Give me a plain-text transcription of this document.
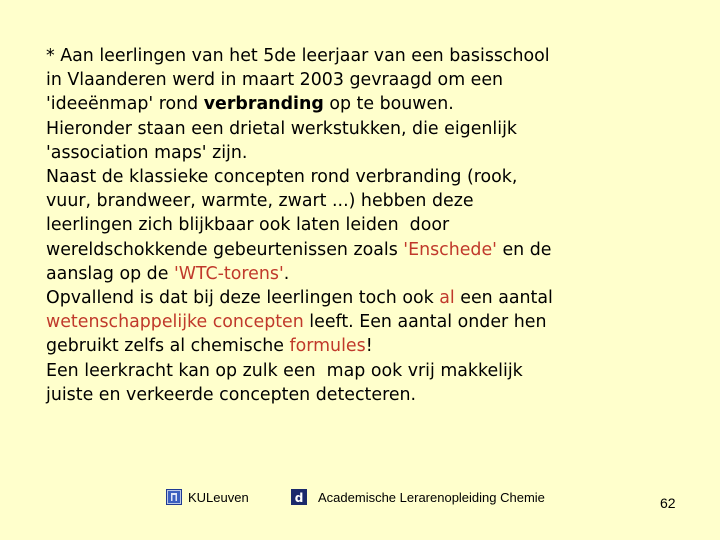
* Aan leerlingen van het 5de leerjaar van een basisschool
in Vlaanderen werd in maart 2003 gevraagd om een
'ideeënmap' rond verbranding op te bouwen.
Hieronder staan een drietal werkstukken, die eigenlijk
'association maps' zijn.
Naast de klassieke concepten rond verbranding (rook,
vuur, brandweer, warmte, zwart ...) hebben deze
leerlingen zich blijkbaar ook laten leiden  door
wereldschokkende gebeurtenissen zoals 'Enschede' en de
aanslag op de 'WTC-torens'.
Opvallend is dat bij deze leerlingen toch ook al een aantal
wetenschappelijke concepten leeft. Een aantal onder hen
gebruikt zelfs al chemische formules!
Een leerkracht kan op zulk een  map ook vrij makkelijk
juiste en verkeerde concepten detecteren.
KULeuven	d Academische Lerarenopleiding Chemie	62
